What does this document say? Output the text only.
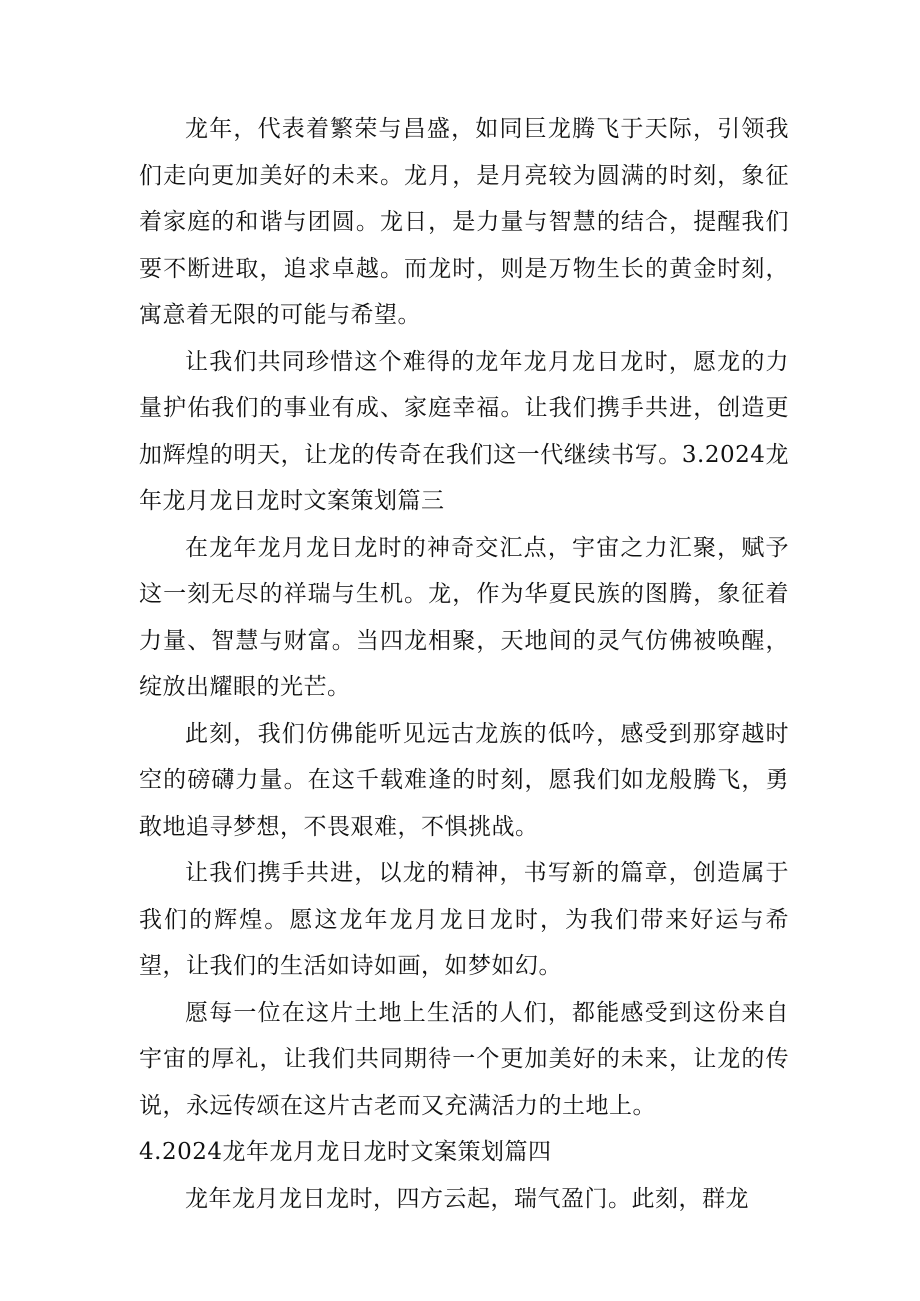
龙年，代表着繁荣与昌盛，如同巨龙腾飞于天际，引领我们走向更加美好的未来。龙月，是月亮较为圆满的时刻，象征着家庭的和谐与团圆。龙日，是力量与智慧的结合，提醒我们要不断进取，追求卓越。而龙时，则是万物生长的黄金时刻，寓意着无限的可能与希望。

让我们共同珍惜这个难得的龙年龙月龙日龙时，愿龙的力量护佑我们的事业有成、家庭幸福。让我们携手共进，创造更加辉煌的明天，让龙的传奇在我们这一代继续书写。3.2024龙年龙月龙日龙时文案策划篇三

在龙年龙月龙日龙时的神奇交汇点，宇宙之力汇聚，赋予这一刻无尽的祥瑞与生机。龙，作为华夏民族的图腾，象征着力量、智慧与财富。当四龙相聚，天地间的灵气仿佛被唤醒，绽放出耀眼的光芒。

此刻，我们仿佛能听见远古龙族的低吟，感受到那穿越时空的磅礴力量。在这千载难逢的时刻，愿我们如龙般腾飞，勇敢地追寻梦想，不畏艰难，不惧挑战。

让我们携手共进，以龙的精神，书写新的篇章，创造属于我们的辉煌。愿这龙年龙月龙日龙时，为我们带来好运与希望，让我们的生活如诗如画，如梦如幻。

愿每一位在这片土地上生活的人们，都能感受到这份来自宇宙的厚礼，让我们共同期待一个更加美好的未来，让龙的传说，永远传颂在这片古老而又充满活力的土地上。

4.2024龙年龙月龙日龙时文案策划篇四

龙年龙月龙日龙时，四方云起，瑞气盈门。此刻，群龙
